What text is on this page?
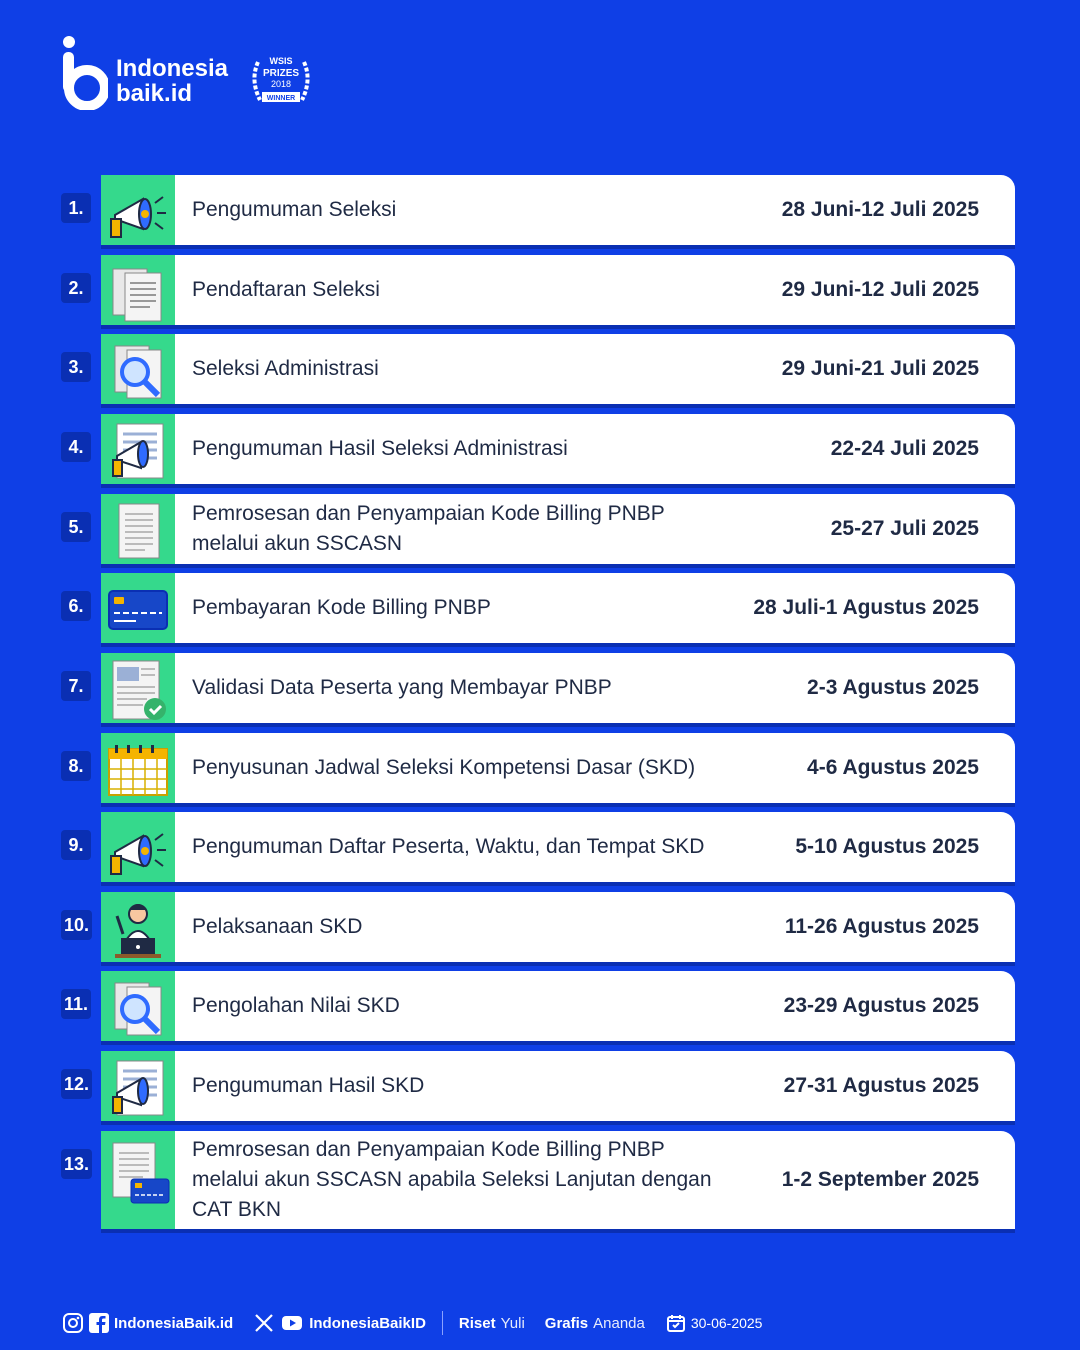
Indonesia
baik.id
WSIS
PRIZES
2018
WINNER
1.	Pengumuman Seleksi	28 Juni-12 Juli 2025
2.	Pendaftaran Seleksi	29 Juni-12 Juli 2025
3.	Seleksi Administrasi	29 Juni-21 Juli 2025
4.	Pengumuman Hasil Seleksi Administrasi	22-24 Juli 2025
5.
Pemrosesan dan Penyampaian Kode Billing PNBP melalui akun SSCASN
25-27 Juli 2025
6.	Pembayaran Kode Billing PNBP	28 Juli-1 Agustus 2025
7.	Validasi Data Peserta yang Membayar PNBP	2-3 Agustus 2025
8.	Penyusunan Jadwal Seleksi Kompetensi Dasar (SKD)	4-6 Agustus 2025
9.	Pengumuman Daftar Peserta, Waktu, dan Tempat SKD	5-10 Agustus 2025
10.	Pelaksanaan SKD	11-26 Agustus 2025
11.	Pengolahan Nilai SKD	23-29 Agustus 2025
12.	Pengumuman Hasil SKD	27-31 Agustus 2025
13.
Pemrosesan dan Penyampaian Kode Billing PNBP melalui akun SSCASN apabila Seleksi Lanjutan dengan CAT BKN
1-2 September 2025
IndonesiaBaik.id	IndonesiaBaikID Riset Yuli Grafis Ananda	30-06-2025
